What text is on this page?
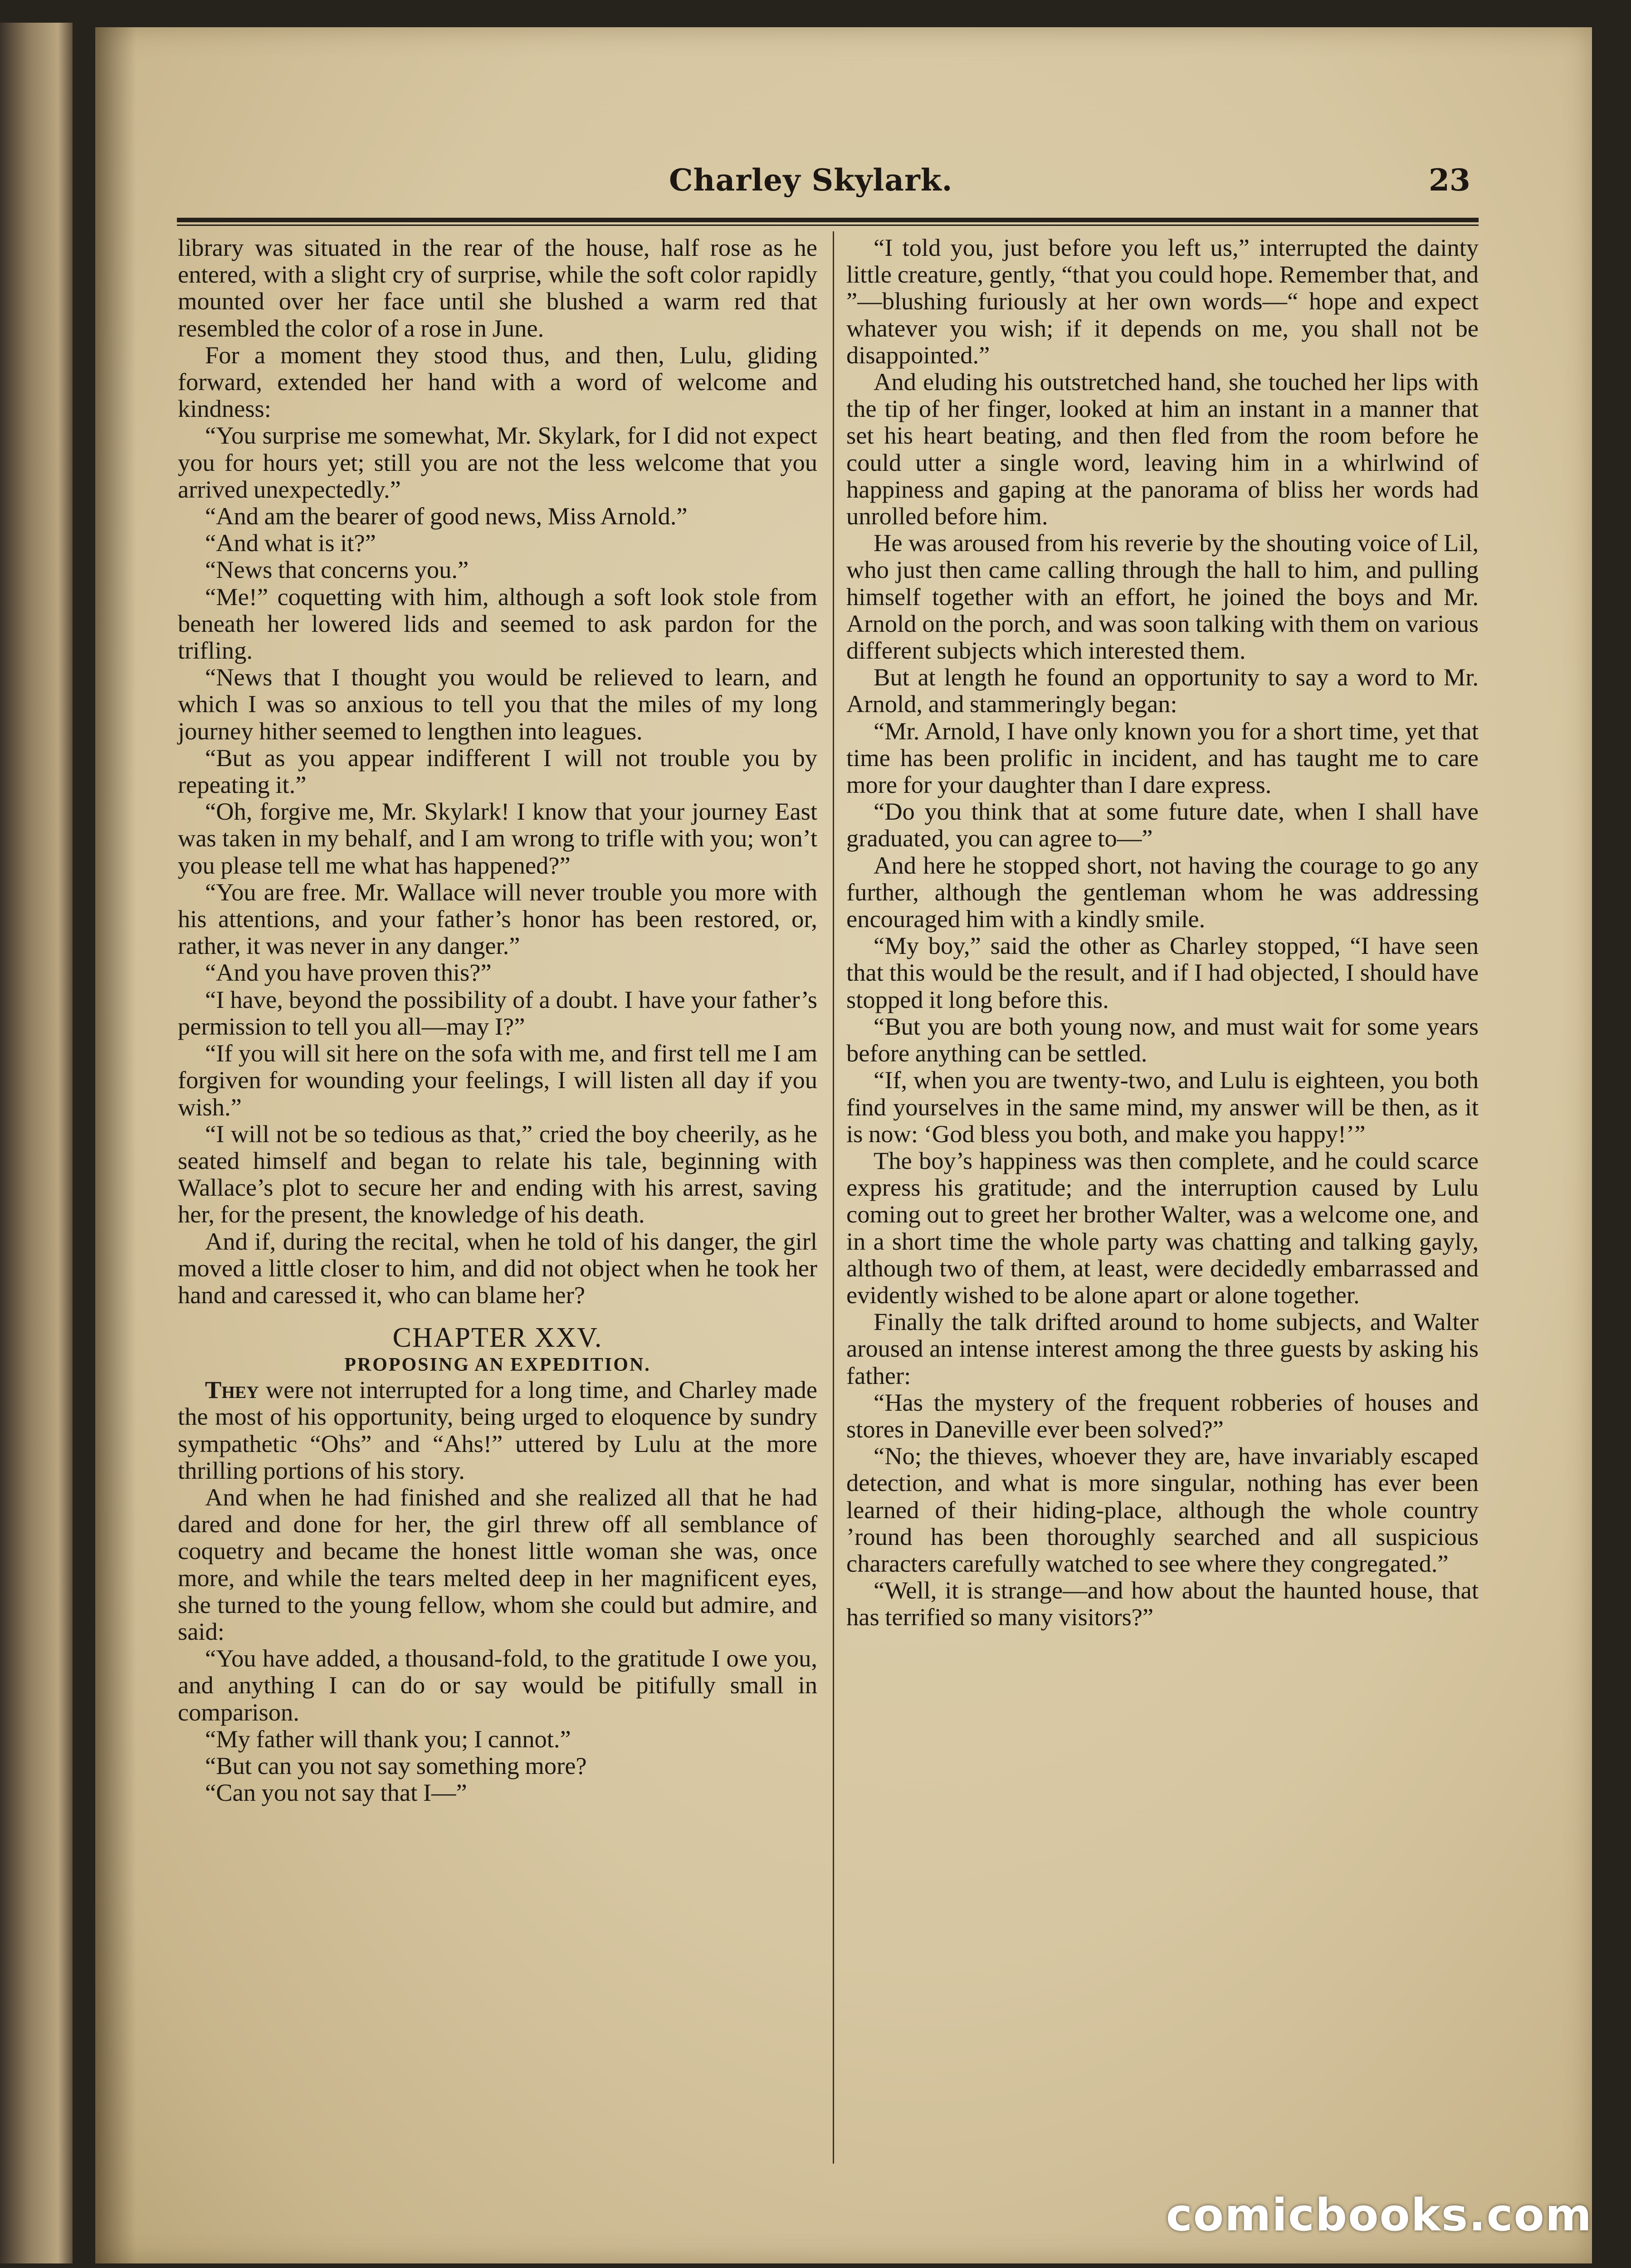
Charley Skylark.	23

library was situated in the rear of the house, half rose as he entered, with a slight cry of surprise, while the soft color rapidly mounted over her face until she blushed a warm red that resembled the color of a rose in June.

For a moment they stood thus, and then, Lulu, gliding forward, extended her hand with a word of welcome and kindness:

“You surprise me somewhat, Mr. Skylark, for I did not expect you for hours yet; still you are not the less welcome that you arrived unexpectedly.”

“And am the bearer of good news, Miss Arnold.”

“And what is it?”

“News that concerns you.”

“Me!” coquetting with him, although a soft look stole from beneath her lowered lids and seemed to ask pardon for the trifling.

“News that I thought you would be relieved to learn, and which I was so anxious to tell you that the miles of my long journey hither seemed to lengthen into leagues.

“But as you appear indifferent I will not trouble you by repeating it.”

“Oh, forgive me, Mr. Skylark! I know that your journey East was taken in my behalf, and I am wrong to trifle with you; won’t you please tell me what has happened?”

“You are free. Mr. Wallace will never trouble you more with his attentions, and your father’s honor has been restored, or, rather, it was never in any danger.”

“And you have proven this?”

“I have, beyond the possibility of a doubt. I have your father’s permission to tell you all—may I?”

“If you will sit here on the sofa with me, and first tell me I am forgiven for wounding your feelings, I will listen all day if you wish.”

“I will not be so tedious as that,” cried the boy cheerily, as he seated himself and began to relate his tale, beginning with Wallace’s plot to secure her and ending with his arrest, saving her, for the present, the knowledge of his death.

And if, during the recital, when he told of his danger, the girl moved a little closer to him, and did not object when he took her hand and caressed it, who can blame her?

CHAPTER XXV.
PROPOSING AN EXPEDITION.

They were not interrupted for a long time, and Charley made the most of his opportunity, being urged to eloquence by sundry sympathetic “Ohs” and “Ahs!” uttered by Lulu at the more thrilling portions of his story.

And when he had finished and she realized all that he had dared and done for her, the girl threw off all semblance of coquetry and became the honest little woman she was, once more, and while the tears melted deep in her magnificent eyes, she turned to the young fellow, whom she could but admire, and said:

“You have added, a thousand-fold, to the gratitude I owe you, and anything I can do or say would be pitifully small in comparison.

“My father will thank you; I cannot.”

“But can you not say something more?

“Can you not say that I—”

“I told you, just before you left us,” interrupted the dainty little creature, gently, “that you could hope. Remember that, and ”—blushing furiously at her own words—“ hope and expect whatever you wish; if it depends on me, you shall not be disappointed.”

And eluding his outstretched hand, she touched her lips with the tip of her finger, looked at him an instant in a manner that set his heart beating, and then fled from the room before he could utter a single word, leaving him in a whirlwind of happiness and gaping at the panorama of bliss her words had unrolled before him.

He was aroused from his reverie by the shouting voice of Lil, who just then came calling through the hall to him, and pulling himself together with an effort, he joined the boys and Mr. Arnold on the porch, and was soon talking with them on various different subjects which interested them.

But at length he found an opportunity to say a word to Mr. Arnold, and stammeringly began:

“Mr. Arnold, I have only known you for a short time, yet that time has been prolific in incident, and has taught me to care more for your daughter than I dare express.

“Do you think that at some future date, when I shall have graduated, you can agree to—”

And here he stopped short, not having the courage to go any further, although the gentleman whom he was addressing encouraged him with a kindly smile.

“My boy,” said the other as Charley stopped, “I have seen that this would be the result, and if I had objected, I should have stopped it long before this.

“But you are both young now, and must wait for some years before anything can be settled.

“If, when you are twenty-two, and Lulu is eighteen, you both find yourselves in the same mind, my answer will be then, as it is now: ‘God bless you both, and make you happy!’”

The boy’s happiness was then complete, and he could scarce express his gratitude; and the interruption caused by Lulu coming out to greet her brother Walter, was a welcome one, and in a short time the whole party was chatting and talking gayly, although two of them, at least, were decidedly embarrassed and evidently wished to be alone apart or alone together.

Finally the talk drifted around to home subjects, and Walter aroused an intense interest among the three guests by asking his father:

“Has the mystery of the frequent robberies of houses and stores in Daneville ever been solved?”

“No; the thieves, whoever they are, have invariably escaped detection, and what is more singular, nothing has ever been learned of their hiding-place, although the whole country ’round has been thoroughly searched and all suspicious characters carefully watched to see where they congregated.”

“Well, it is strange—and how about the haunted house, that has terrified so many visitors?”

comicbooks.com
